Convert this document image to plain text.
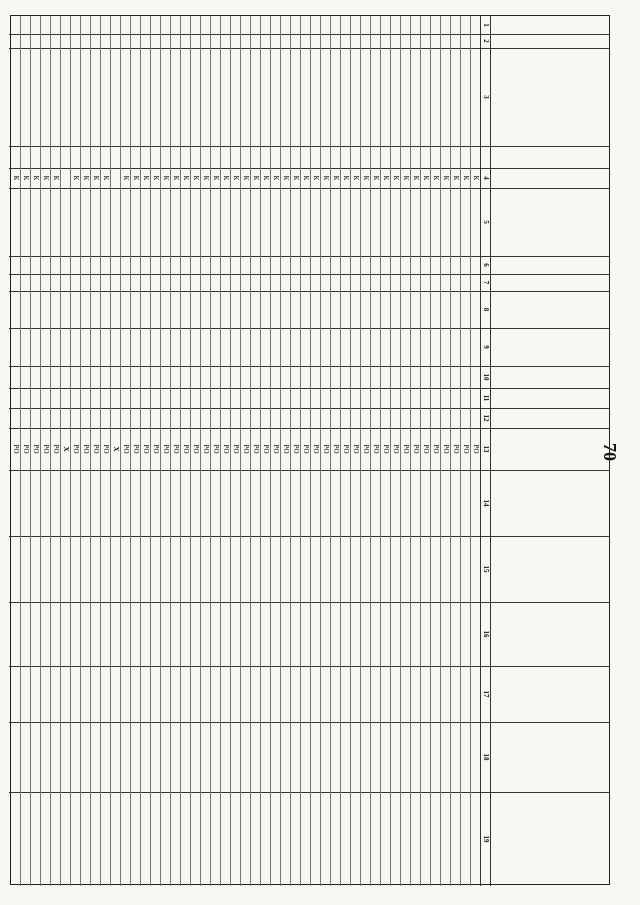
70
1
2
3
4
5
6
7
8
9
10
11
12
13
14
15
16
17
18
19
К
РО
К
РО
К
РО
К
РО
К
РО
К
РО
К
РО
К
РО
К
РО
К
РО
К
РО
К
РО
К
РО
К
РО
К
РО
К
РО
К
РО
К
РО
К
РО
К
РО
К
РО
К
РО
К
РО
К
РО
К
РО
К
РО
К
РО
К
РО
К
РО
К
РО
К
РО
К
РО
К
РО
К
РО
К
РО
К
РО
X
К
РО
К
РО
К
РО
К
РО
X
К
РО
К
РО
К
РО
К
РО
К
РО
